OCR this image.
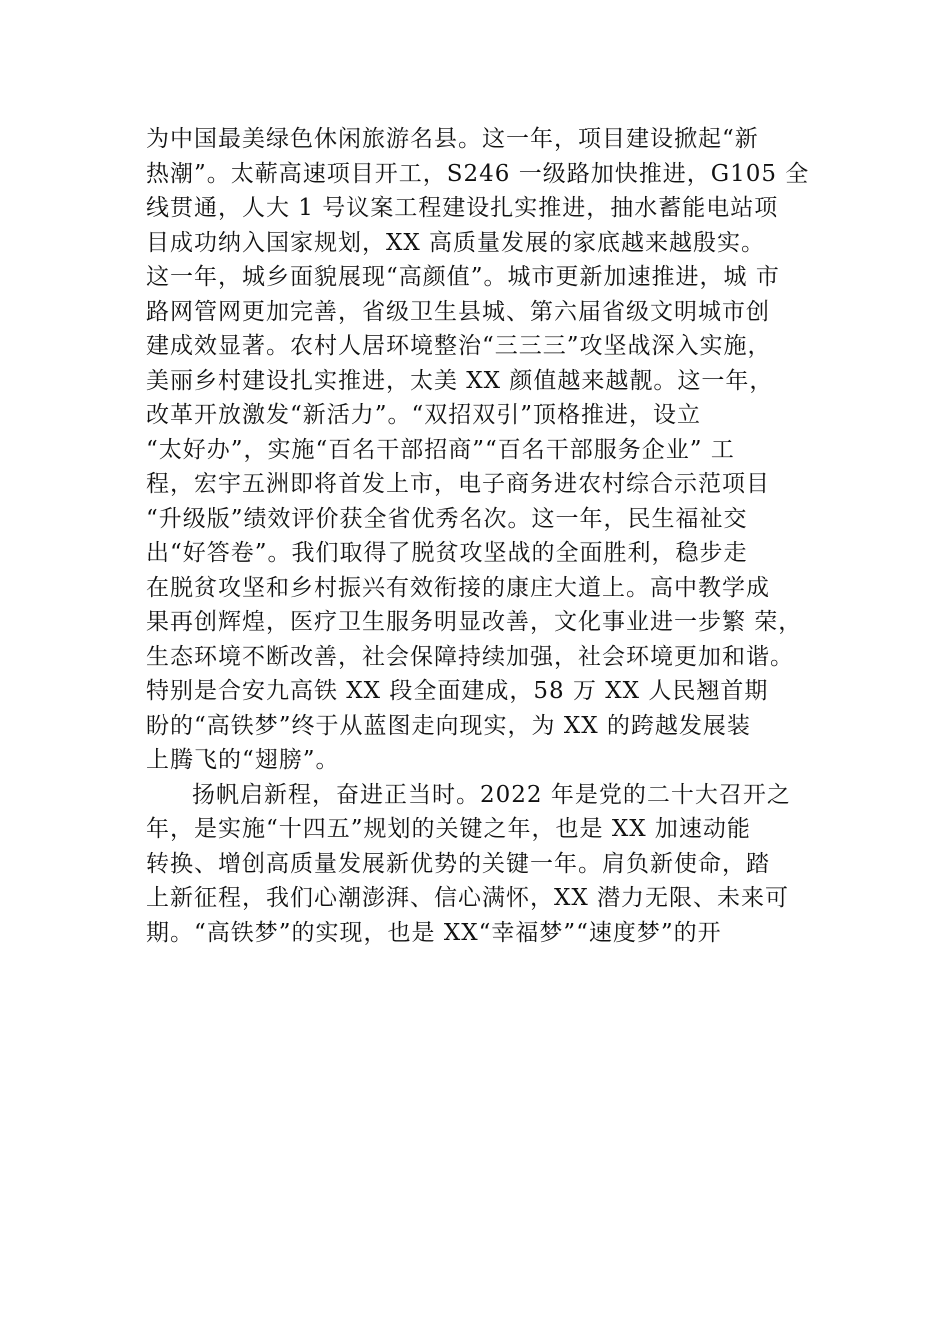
为中国最美绿色休闲旅游名县。这一年，项目建设掀起“新
热潮”。太蕲高速项目开工，S246 一级路加快推进，G105 全
线贯通，人大 1 号议案工程建设扎实推进，抽水蓄能电站项
目成功纳入国家规划，XX 高质量发展的家底越来越殷实。
这一年，城乡面貌展现“高颜值”。城市更新加速推进，城 市
路网管网更加完善，省级卫生县城、第六届省级文明城市创
建成效显著。农村人居环境整治“三三三”攻坚战深入实施，
美丽乡村建设扎实推进，太美 XX 颜值越来越靓。这一年，
改革开放激发“新活力”。“双招双引”顶格推进，设立
“太好办”，实施“百名干部招商”“百名干部服务企业” 工
程，宏宇五洲即将首发上市，电子商务进农村综合示范项目
“升级版”绩效评价获全省优秀名次。这一年，民生福祉交
出“好答卷”。我们取得了脱贫攻坚战的全面胜利，稳步走
在脱贫攻坚和乡村振兴有效衔接的康庄大道上。高中教学成
果再创辉煌，医疗卫生服务明显改善，文化事业进一步繁 荣，
生态环境不断改善，社会保障持续加强，社会环境更加和谐。
特别是合安九高铁 XX 段全面建成，58 万 XX 人民翘首期
盼的“高铁梦”终于从蓝图走向现实，为 XX 的跨越发展装
上腾飞的“翅膀”。
扬帆启新程，奋进正当时。2022 年是党的二十大召开之
年，是实施“十四五”规划的关键之年，也是 XX 加速动能
转换、增创高质量发展新优势的关键一年。肩负新使命，踏
上新征程，我们心潮澎湃、信心满怀，XX 潜力无限、未来可
期。“高铁梦”的实现，也是 XX“幸福梦”“速度梦”的开
